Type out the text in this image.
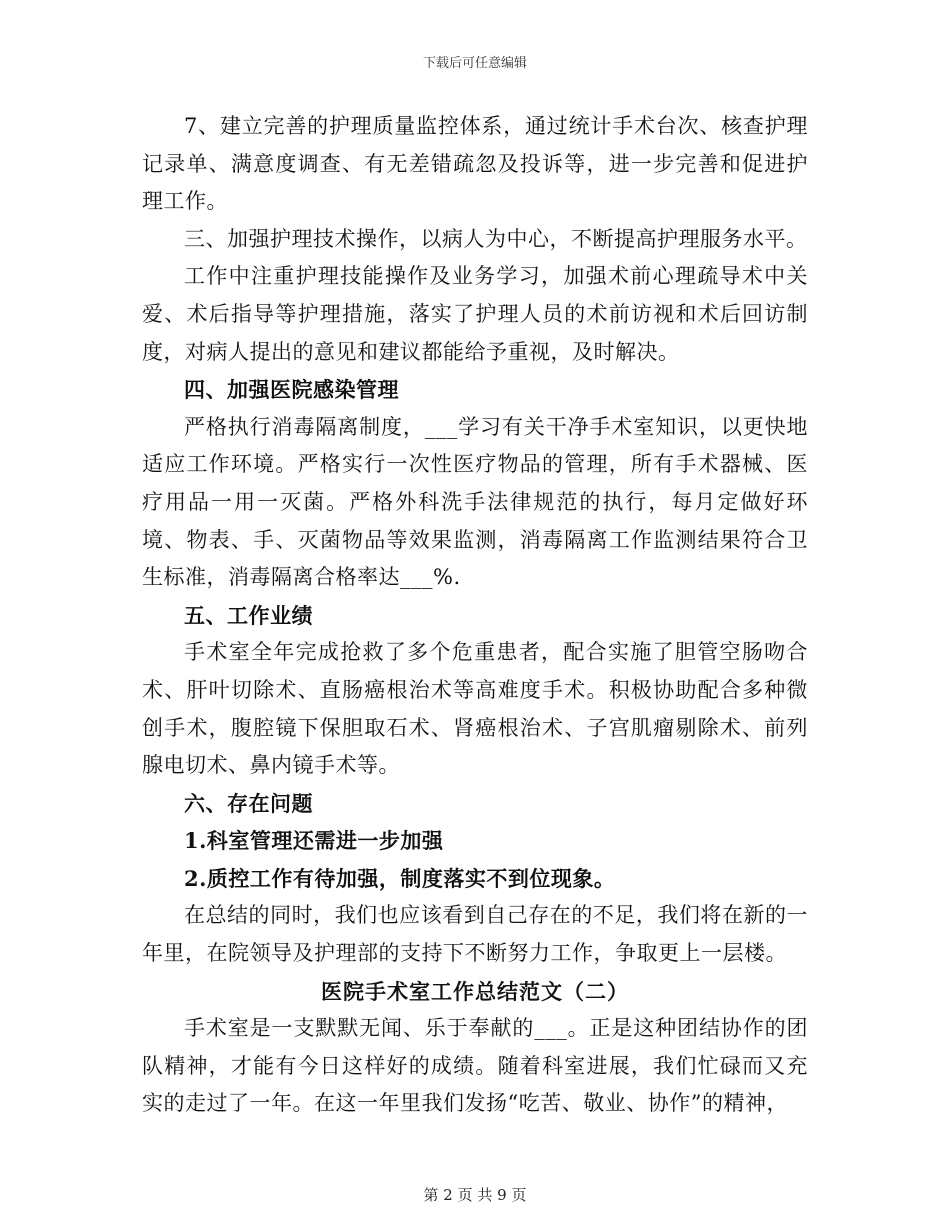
下载后可任意编辑

7、建立完善的护理质量监控体系，通过统计手术台次、核查护理记录单、满意度调查、有无差错疏忽及投诉等，进一步完善和促进护理工作。

三、加强护理技术操作，以病人为中心，不断提高护理服务水平。

工作中注重护理技能操作及业务学习，加强术前心理疏导术中关爱、术后指导等护理措施，落实了护理人员的术前访视和术后回访制度，对病人提出的意见和建议都能给予重视，及时解决。

四、加强医院感染管理

严格执行消毒隔离制度，___学习有关干净手术室知识，以更快地适应工作环境。严格实行一次性医疗物品的管理，所有手术器械、医疗用品一用一灭菌。严格外科洗手法律规范的执行，每月定做好环境、物表、手、灭菌物品等效果监测，消毒隔离工作监测结果符合卫生标准，消毒隔离合格率达___%.

五、工作业绩

手术室全年完成抢救了多个危重患者，配合实施了胆管空肠吻合术、肝叶切除术、直肠癌根治术等高难度手术。积极协助配合多种微创手术，腹腔镜下保胆取石术、肾癌根治术、子宫肌瘤剔除术、前列腺电切术、鼻内镜手术等。

六、存在问题

1.科室管理还需进一步加强

2.质控工作有待加强，制度落实不到位现象。

在总结的同时，我们也应该看到自己存在的不足，我们将在新的一年里，在院领导及护理部的支持下不断努力工作，争取更上一层楼。

医院手术室工作总结范文（二）

手术室是一支默默无闻、乐于奉献的___。正是这种团结协作的团队精神，才能有今日这样好的成绩。随着科室进展，我们忙碌而又充实的走过了一年。在这一年里我们发扬“吃苦、敬业、协作”的精神，

第 2 页 共 9 页
